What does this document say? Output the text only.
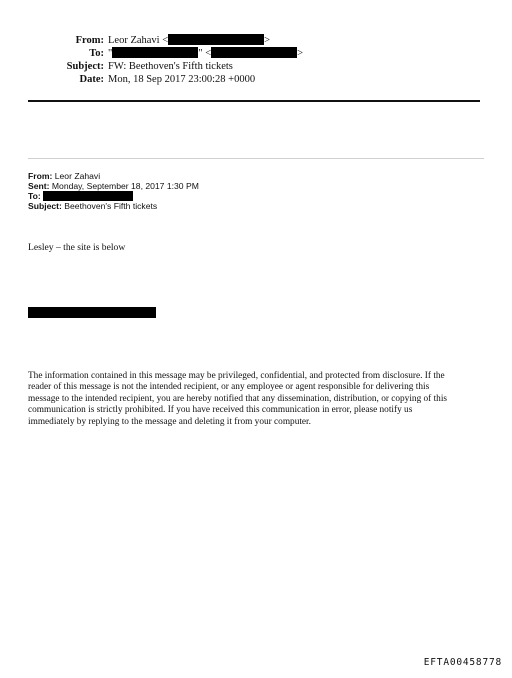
From: Leor Zahavi <	>
To: "	" <	>
Subject: FW: Beethoven's Fifth tickets
Date: Mon, 18 Sep 2017 23:00:28 +0000
From: Leor Zahavi
Sent: Monday, September 18, 2017 1:30 PM
To:
Subject: Beethoven's Fifth tickets
Lesley – the site is below
The information contained in this message may be privileged, confidential, and protected from disclosure. If the
reader of this message is not the intended recipient, or any employee or agent responsible for delivering this
message to the intended recipient, you are hereby notified that any dissemination, distribution, or copying of this
communication is strictly prohibited. If you have received this communication in error, please notify us
immediately by replying to the message and deleting it from your computer.
EFTA00458778
